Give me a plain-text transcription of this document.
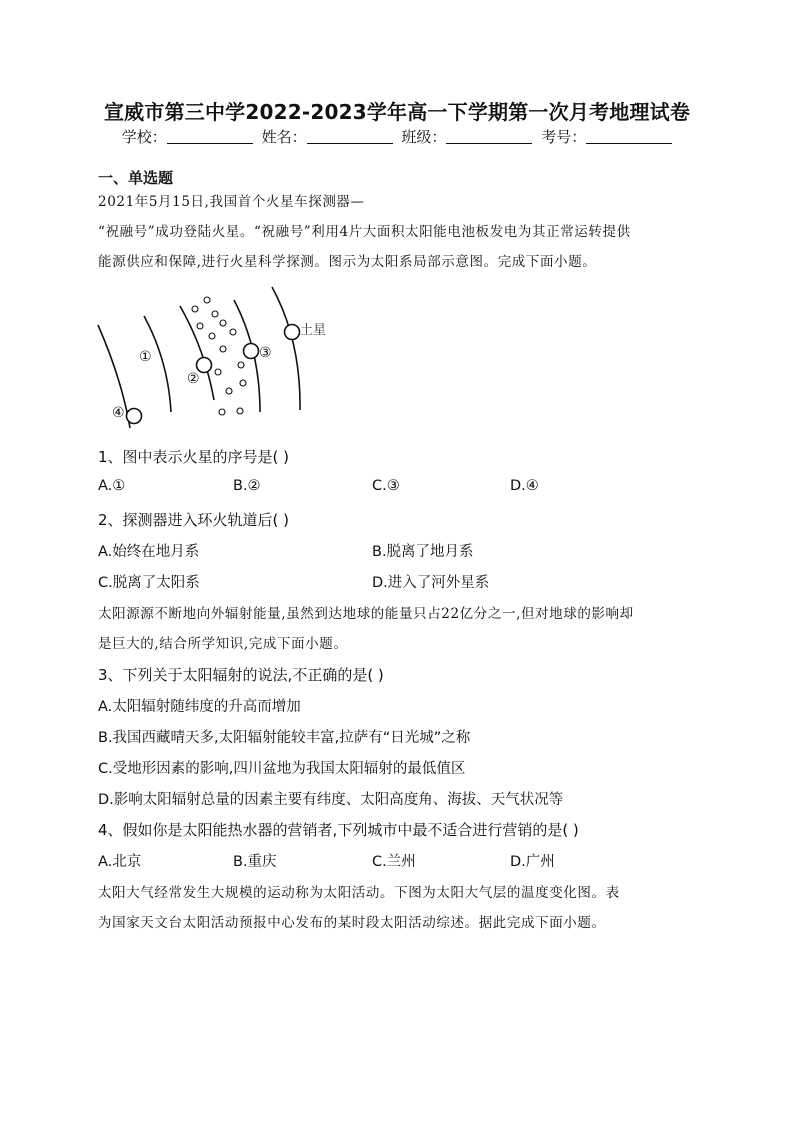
宣威市第三中学2022-2023学年高一下学期第一次月考地理试卷
学校：	姓名：	班级：	考号：
一、单选题
2021年5月15日,我国首个火星车探测器—
“祝融号”成功登陆火星。“祝融号”利用4片大面积太阳能电池板发电为其正常运转提供
能源供应和保障,进行火星科学探测。图示为太阳系局部示意图。完成下面小题。
①
②
③
④
土星
1、图中表示火星的序号是( )
A.①	B.②	C.③	D.④
2、探测器进入环火轨道后( )
A.始终在地月系	B.脱离了地月系
C.脱离了太阳系	D.进入了河外星系
太阳源源不断地向外辐射能量,虽然到达地球的能量只占22亿分之一,但对地球的影响却
是巨大的,结合所学知识,完成下面小题。
3、下列关于太阳辐射的说法,不正确的是( )
A.太阳辐射随纬度的升高而增加
B.我国西藏晴天多,太阳辐射能较丰富,拉萨有“日光城”之称
C.受地形因素的影响,四川盆地为我国太阳辐射的最低值区
D.影响太阳辐射总量的因素主要有纬度、太阳高度角、海拔、天气状况等
4、假如你是太阳能热水器的营销者,下列城市中最不适合进行营销的是( )
A.北京	B.重庆	C.兰州	D.广州
太阳大气经常发生大规模的运动称为太阳活动。下图为太阳大气层的温度变化图。表
为国家天文台太阳活动预报中心发布的某时段太阳活动综述。据此完成下面小题。
